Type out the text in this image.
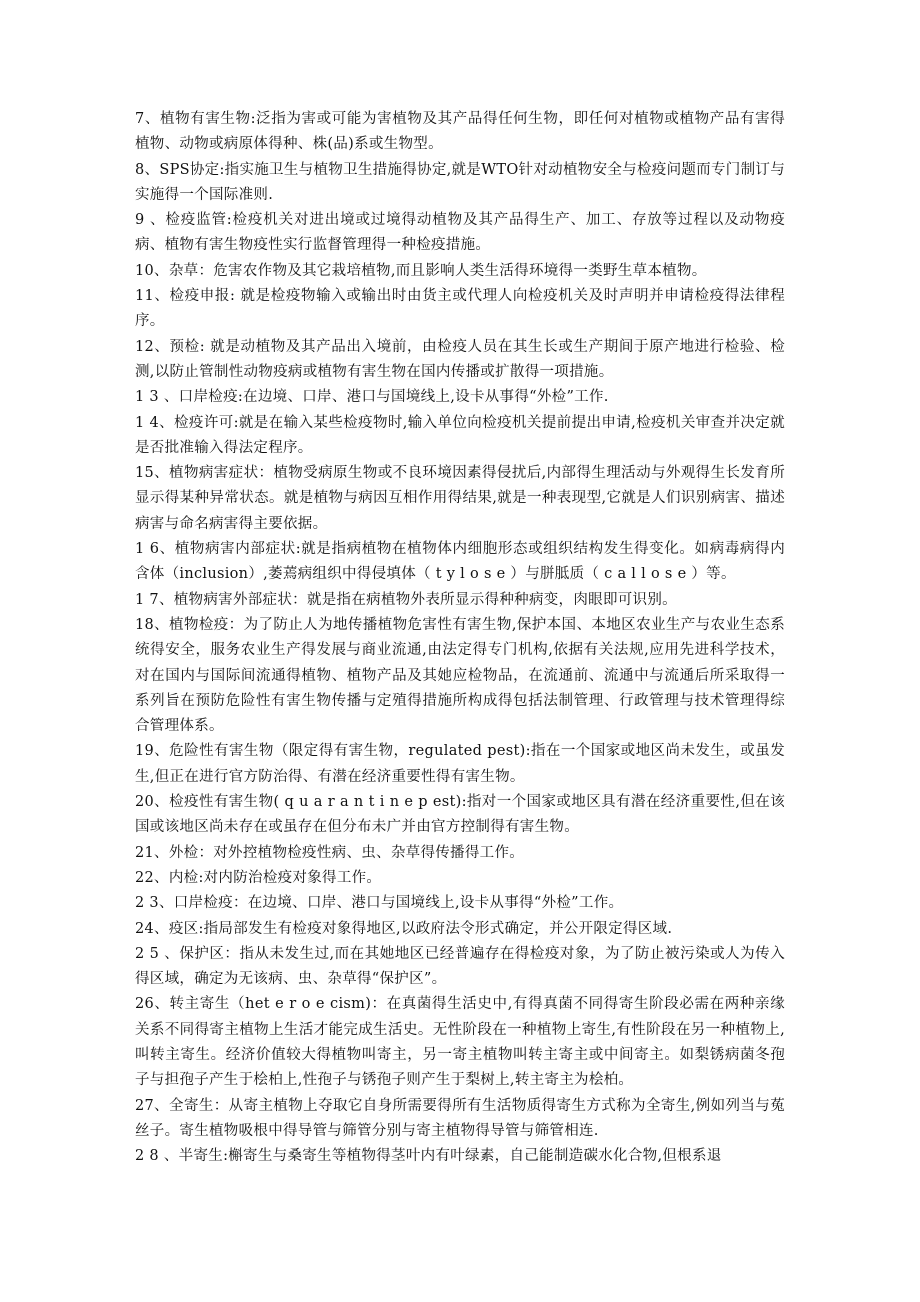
7、植物有害生物:泛指为害或可能为害植物及其产品得任何生物，即任何对植物或植物产品有害得植物、动物或病原体得种、株(品)系或生物型。

8、SPS协定:指实施卫生与植物卫生措施得协定,就是WTO针对动植物安全与检疫问题而专门制订与实施得一个国际准则.

9 、检疫监管:检疫机关对进出境或过境得动植物及其产品得生产、加工、存放等过程以及动物疫病、植物有害生物疫性实行监督管理得一种检疫措施。

10、杂草：危害农作物及其它栽培植物,而且影响人类生活得环境得一类野生草本植物。

11、检疫申报: 就是检疫物输入或输出时由货主或代理人向检疫机关及时声明并申请检疫得法律程序。

12、预检: 就是动植物及其产品出入境前，由检疫人员在其生长或生产期间于原产地进行检验、检测,以防止管制性动物疫病或植物有害生物在国内传播或扩散得一项措施。

1 3 、口岸检疫:在边境、口岸、港口与国境线上,设卡从事得“外检”工作.

1 4、检疫许可:就是在输入某些检疫物时,输入单位向检疫机关提前提出申请,检疫机关审查并决定就是否批准输入得法定程序。

15、植物病害症状：植物受病原生物或不良环境因素得侵扰后,内部得生理活动与外观得生长发育所显示得某种异常状态。就是植物与病因互相作用得结果,就是一种表现型,它就是人们识别病害、描述病害与命名病害得主要依据。

1 6、植物病害内部症状:就是指病植物在植物体内细胞形态或组织结构发生得变化。如病毒病得内含体（inclusion）,萎蔫病组织中得侵填体（ t y l o s e ）与胼胝质（ c a l l o s e ）等。

1 7、植物病害外部症状：就是指在病植物外表所显示得种种病变，肉眼即可识别。

18、植物检疫：为了防止人为地传播植物危害性有害生物,保护本国、本地区农业生产与农业生态系统得安全，服务农业生产得发展与商业流通,由法定得专门机构,依据有关法规,应用先进科学技术，对在国内与国际间流通得植物、植物产品及其她应检物品，在流通前、流通中与流通后所采取得一系列旨在预防危险性有害生物传播与定殖得措施所构成得包括法制管理、行政管理与技术管理得综合管理体系。

19、危险性有害生物（限定得有害生物，regulated pest):指在一个国家或地区尚未发生，或虽发生,但正在进行官方防治得、有潜在经济重要性得有害生物。

20、检疫性有害生物( q u a r a n t i n e p est):指对一个国家或地区具有潜在经济重要性,但在该国或该地区尚未存在或虽存在但分布未广并由官方控制得有害生物。

21、外检：对外控植物检疫性病、虫、杂草得传播得工作。

22、内检:对内防治检疫对象得工作。

2 3、口岸检疫：在边境、口岸、港口与国境线上,设卡从事得“外检”工作。

24、疫区:指局部发生有检疫对象得地区,以政府法令形式确定，并公开限定得区域.

2 5 、保护区：指从未发生过,而在其她地区已经普遍存在得检疫对象，为了防止被污染或人为传入得区域，确定为无该病、虫、杂草得“保护区”。

26、转主寄生（het e r o e cism)：在真菌得生活史中,有得真菌不同得寄生阶段必需在两种亲缘关系不同得寄主植物上生活才能完成生活史。无性阶段在一种植物上寄生,有性阶段在另一种植物上,叫转主寄生。经济价值较大得植物叫寄主，另一寄主植物叫转主寄主或中间寄主。如梨锈病菌冬孢子与担孢子产生于桧柏上,性孢子与锈孢子则产生于梨树上,转主寄主为桧柏。

27、全寄生：从寄主植物上夺取它自身所需要得所有生活物质得寄生方式称为全寄生,例如列当与菟丝子。寄生植物吸根中得导管与筛管分别与寄主植物得导管与筛管相连.

2 8 、半寄生:槲寄生与桑寄生等植物得茎叶内有叶绿素，自己能制造碳水化合物,但根系退
